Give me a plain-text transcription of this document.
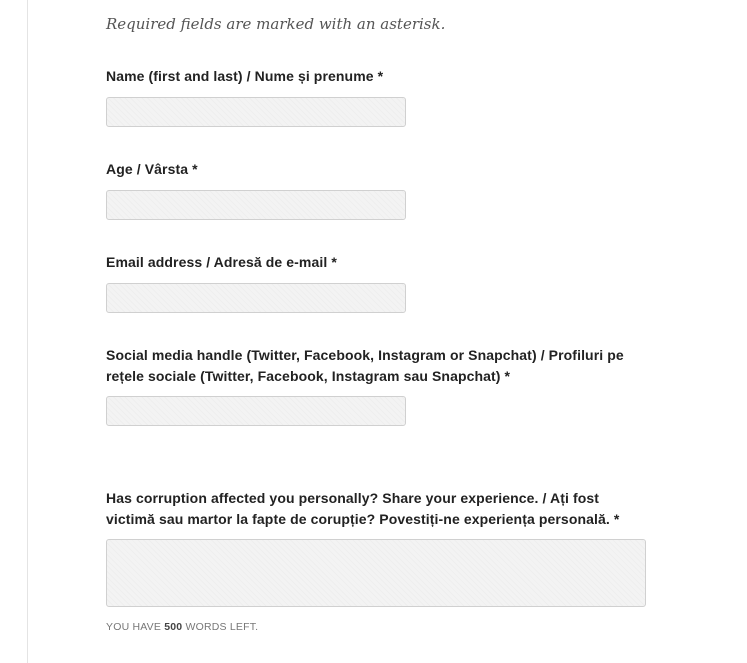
Required fields are marked with an asterisk.

Name (first and last) / Nume și prenume *
Age / Vârsta *
Email address / Adresă de e-mail *
Social media handle (Twitter, Facebook, Instagram or Snapchat) / Profiluri pe rețele sociale (Twitter, Facebook, Instagram sau Snapchat) *
Has corruption affected you personally? Share your experience. / Ați fost victimă sau martor la fapte de corupție? Povestiți-ne experiența personală. *

YOU HAVE 500 WORDS LEFT.
